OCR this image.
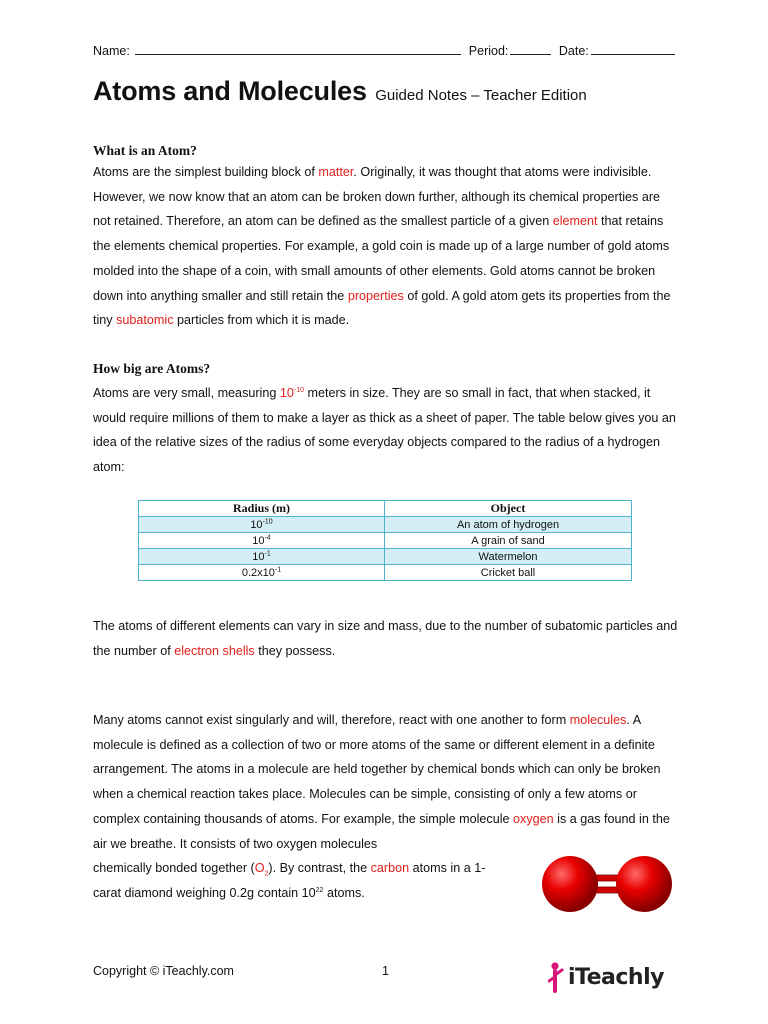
Name:	Period:	Date:
Atoms and Molecules Guided Notes – Teacher Edition
What is an Atom?
Atoms are the simplest building block of matter. Originally, it was thought that atoms were indivisible. However, we now know that an atom can be broken down further, although its chemical properties are not retained. Therefore, an atom can be defined as the smallest particle of a given element that retains the elements chemical properties. For example, a gold coin is made up of a large number of gold atoms molded into the shape of a coin, with small amounts of other elements. Gold atoms cannot be broken down into anything smaller and still retain the properties of gold. A gold atom gets its properties from the tiny subatomic particles from which it is made.
How big are Atoms?
Atoms are very small, measuring $10^{-10}$ meters in size. They are so small in fact, that when stacked, it would require millions of them to make a layer as thick as a sheet of paper. The table below gives you an idea of the relative sizes of the radius of some everyday objects compared to the radius of a hydrogen atom:
Radius (m)	Object
$10^{-10}$	An atom of hydrogen
$10^{-4}$	A grain of sand
$10^{-1}$	Watermelon
$0.2x10^{-1}$	Cricket ball
The atoms of different elements can vary in size and mass, due to the number of subatomic particles and the number of electron shells they possess.
Many atoms cannot exist singularly and will, therefore, react with one another to form molecules. A molecule is defined as a collection of two or more atoms of the same or different element in a definite arrangement. The atoms in a molecule are held together by chemical bonds which can only be broken when a chemical reaction takes place. Molecules can be simple, consisting of only a few atoms or complex containing thousands of atoms. For example, the simple molecule oxygen is a gas found in the air we breathe. It consists of two oxygen molecules
chemically bonded together $(O_2)$. By contrast, the carbon atoms in a 1-
carat diamond weighing 0.2g contain $10^{22}$ atoms.
Copyright © iTeachly.com	1	iTeachly
